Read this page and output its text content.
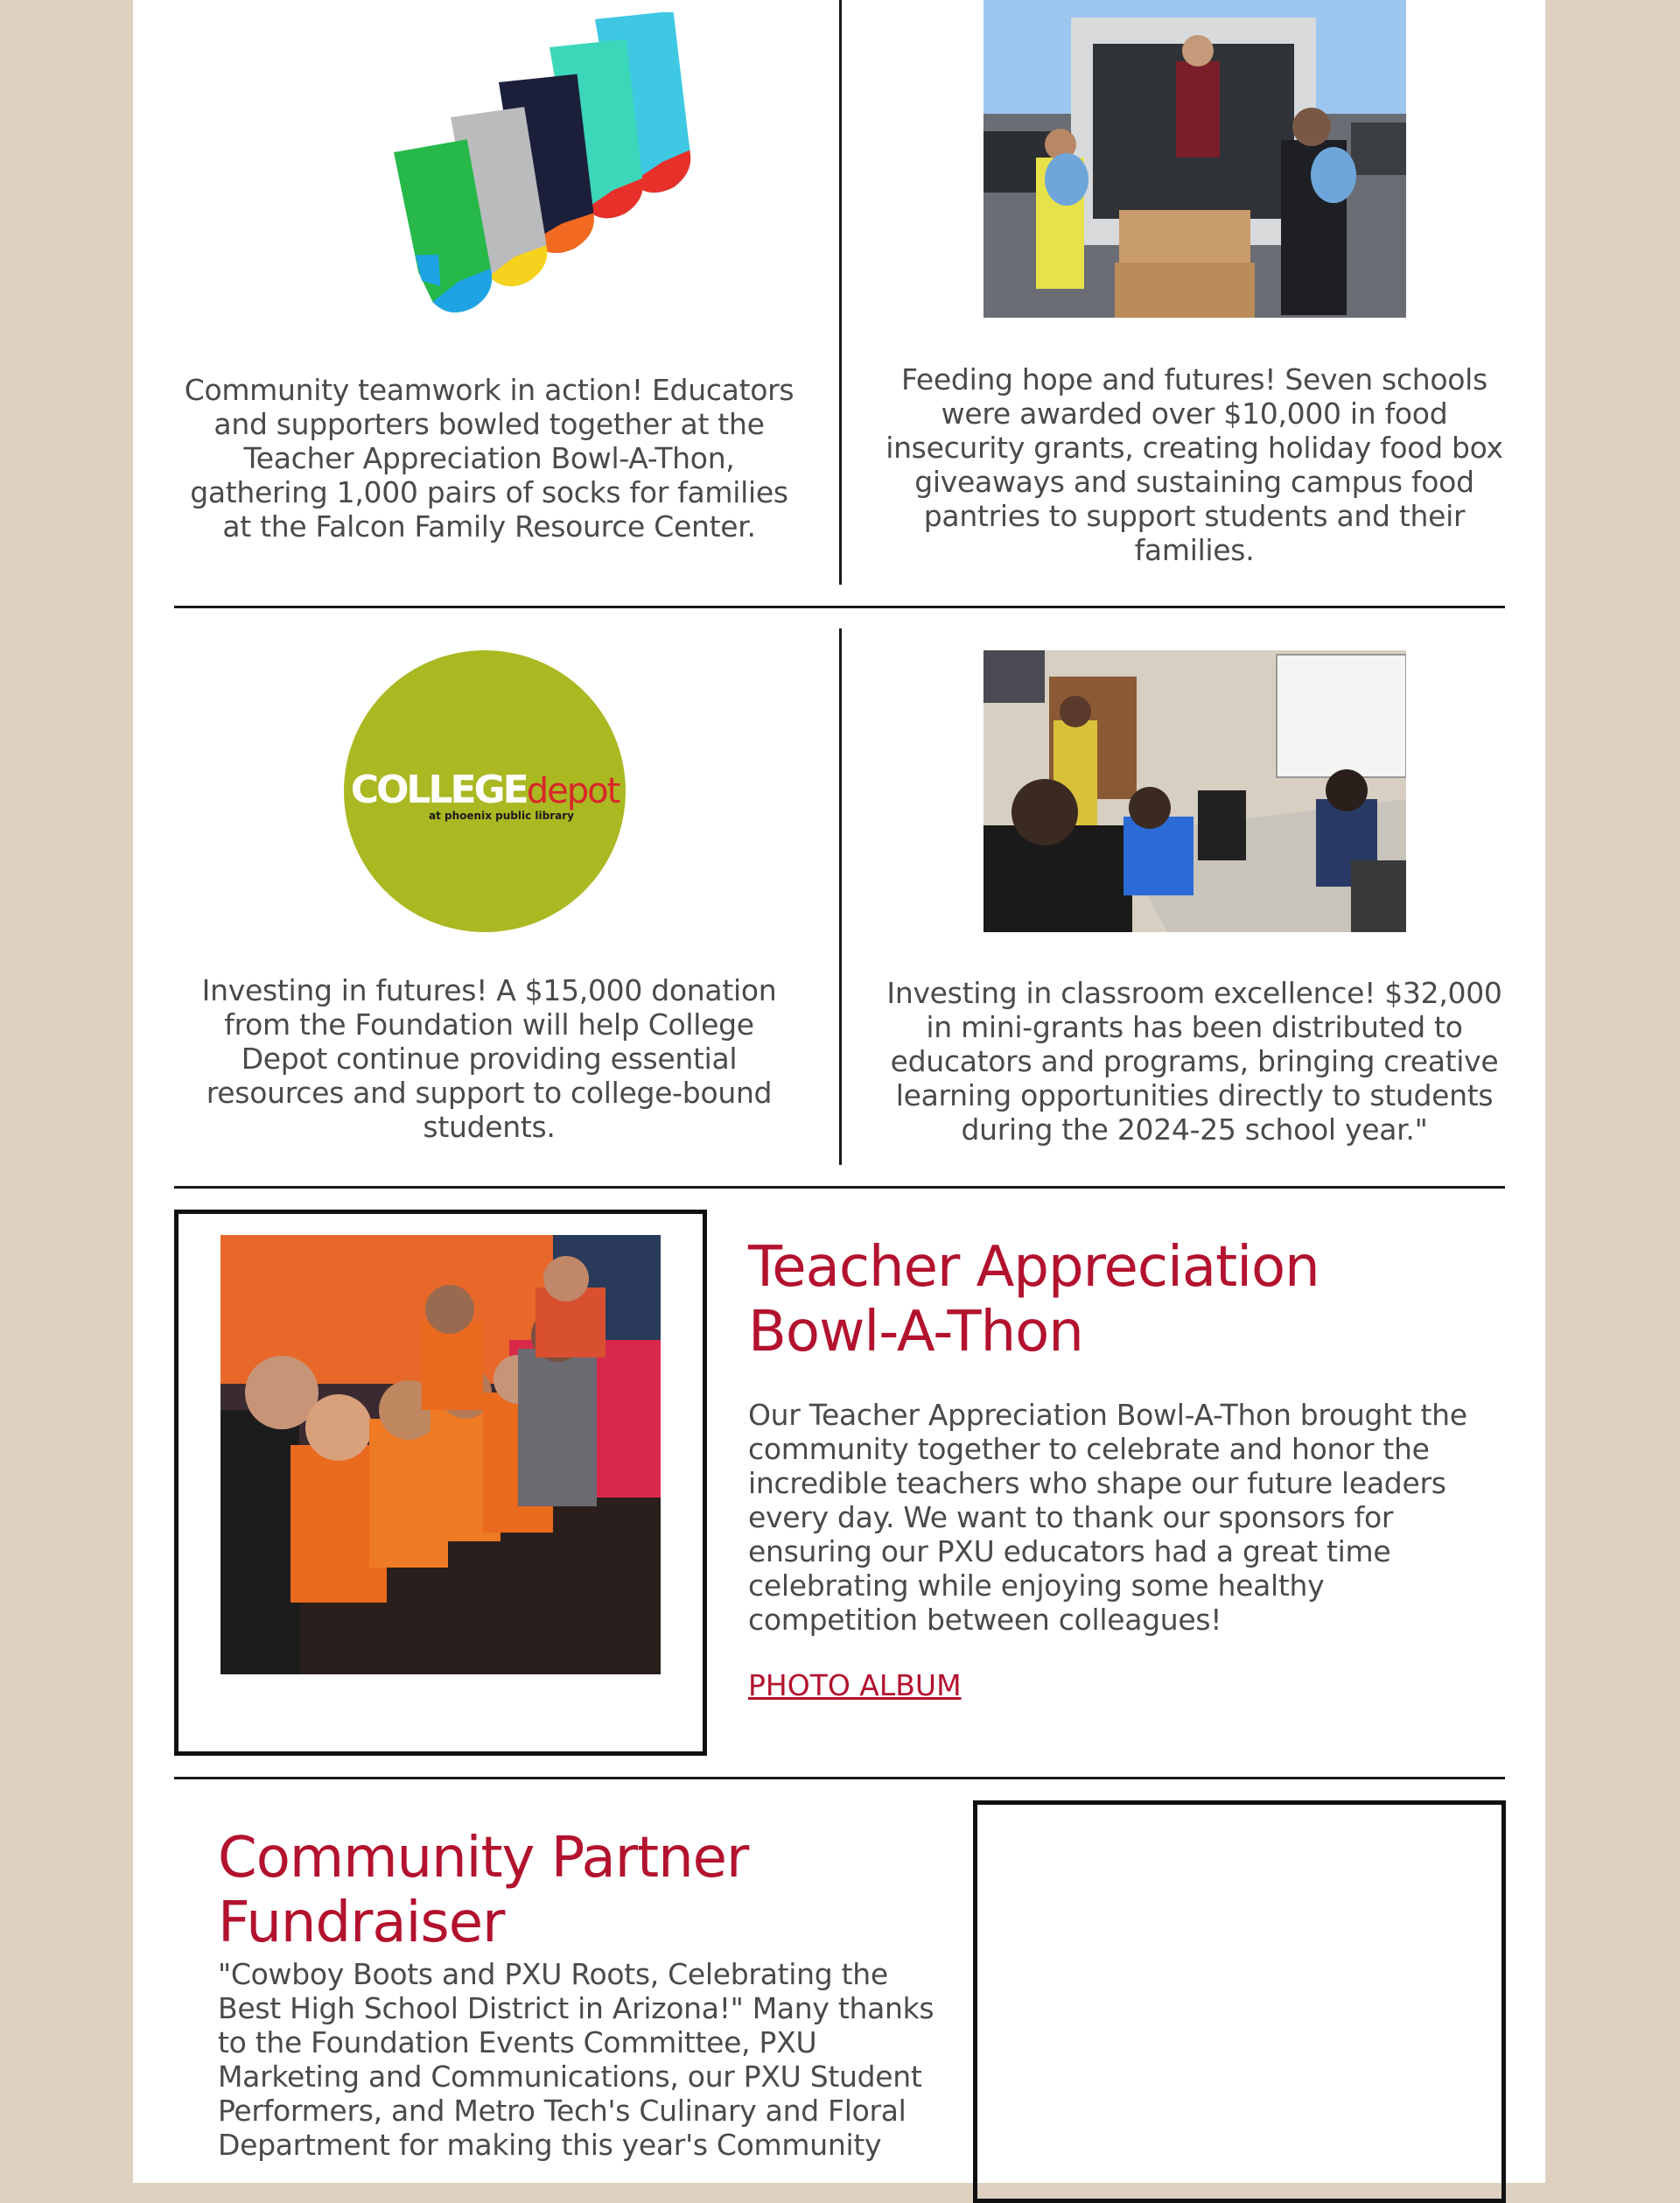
Community teamwork in action! Educators and supporters bowled together at the Teacher Appreciation Bowl-A-Thon, gathering 1,000 pairs of socks for families at the Falcon Family Resource Center.
Feeding hope and futures! Seven schools were awarded over $10,000 in food insecurity grants, creating holiday food box giveaways and sustaining campus food pantries to support students and their families.
COLLEGEdepot
at phoenix public library
Investing in futures! A $15,000 donation from the Foundation will help College Depot continue providing essential resources and support to college-bound students.
Investing in classroom excellence! $32,000 in mini-grants has been distributed to educators and programs, bringing creative learning opportunities directly to students during the 2024-25 school year."
Teacher Appreciation
Bowl-A-Thon
Our Teacher Appreciation Bowl-A-Thon brought the community together to celebrate and honor the incredible teachers who shape our future leaders every day. We want to thank our sponsors for ensuring our PXU educators had a great time celebrating while enjoying some healthy competition between colleagues!
PHOTO ALBUM
Community Partner
Fundraiser
"Cowboy Boots and PXU Roots, Celebrating the Best High School District in Arizona!" Many thanks to the Foundation Events Committee, PXU Marketing and Communications, our PXU Student Performers, and Metro Tech's Culinary and Floral Department for making this year's Community
